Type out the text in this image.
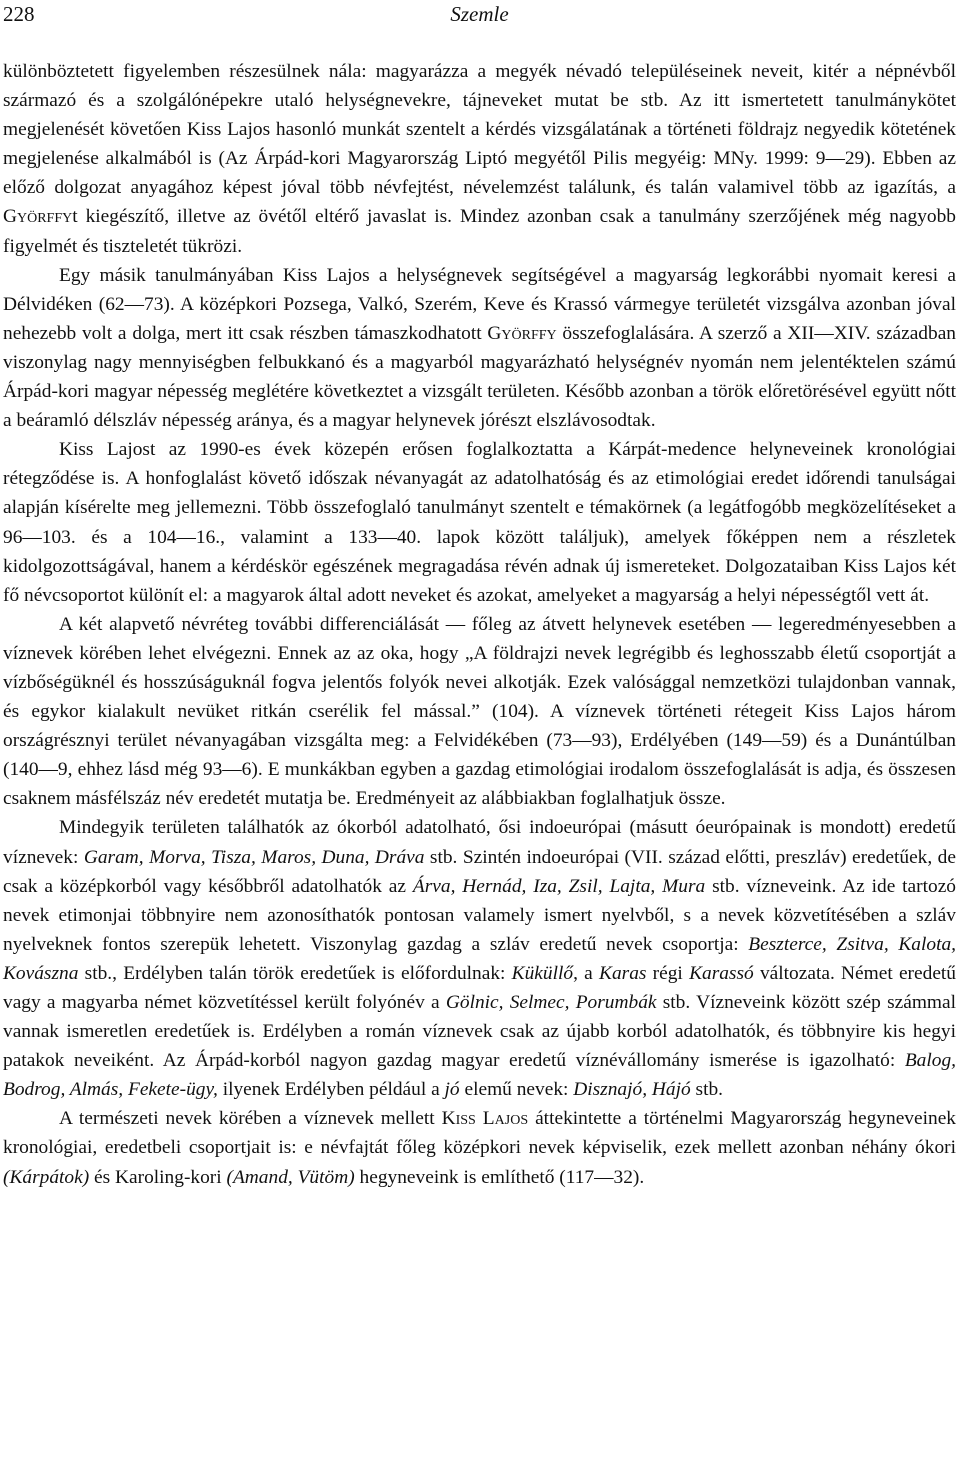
228	Szemle

különböztetett figyelemben részesülnek nála: magyarázza a megyék névadó településeinek neveit, kitér a népnévből származó és a szolgálónépekre utaló helységnevekre, tájneveket mutat be stb. Az itt ismertetett tanulmánykötet megjelenését követően Kiss Lajos hasonló munkát szentelt a kérdés vizsgálatának a történeti földrajz negyedik kötetének megjelenése alkalmából is (Az Árpád-kori Magyarország Liptó megyétől Pilis megyéig: MNy. 1999: 9—29). Ebben az előző dolgozat anyagához képest jóval több névfejtést, névelemzést találunk, és talán valamivel több az igazítás, a Györffyt kiegészítő, illetve az övétől eltérő javaslat is. Mindez azonban csak a tanulmány szerzőjének még nagyobb figyelmét és tiszteletét tükrözi.

Egy másik tanulmányában Kiss Lajos a helységnevek segítségével a magyarság legkorábbi nyomait keresi a Délvidéken (62—73). A középkori Pozsega, Valkó, Szerém, Keve és Krassó vármegye területét vizsgálva azonban jóval nehezebb volt a dolga, mert itt csak részben támaszkodhatott Györffy összefoglalására. A szerző a XII—XIV. században viszonylag nagy mennyiségben felbukkanó és a magyarból magyarázható helységnév nyomán nem jelentéktelen számú Árpád-kori magyar népesség meglétére következtet a vizsgált területen. Később azonban a török előretörésével együtt nőtt a beáramló délszláv népesség aránya, és a magyar helynevek jórészt elszlávosodtak.

Kiss Lajost az 1990-es évek közepén erősen foglalkoztatta a Kárpát-medence helyneveinek kronológiai rétegződése is. A honfoglalást követő időszak névanyagát az adatolhatóság és az etimológiai eredet időrendi tanulságai alapján kísérelte meg jellemezni. Több összefoglaló tanulmányt szentelt e témakörnek (a legátfogóbb megközelítéseket a 96—103. és a 104—16., valamint a 133—40. lapok között találjuk), amelyek főképpen nem a részletek kidolgozottságával, hanem a kérdéskör egészének megragadása révén adnak új ismereteket. Dolgozataiban Kiss Lajos két fő névcsoportot különít el: a magyarok által adott neveket és azokat, amelyeket a magyarság a helyi népességtől vett át.

A két alapvető névréteg további differenciálását — főleg az átvett helynevek esetében — legeredményesebben a víznevek körében lehet elvégezni. Ennek az az oka, hogy „A földrajzi nevek legrégibb és leghosszabb életű csoportját a vízbőségüknél és hosszúságuknál fogva jelentős folyók nevei alkotják. Ezek valósággal nemzetközi tulajdonban vannak, és egykor kialakult nevüket ritkán cserélik fel mással.” (104). A víznevek történeti rétegeit Kiss Lajos három országrésznyi terület névanyagában vizsgálta meg: a Felvidékében (73—93), Erdélyében (149—59) és a Dunántúlban (140—9, ehhez lásd még 93—6). E munkákban egyben a gazdag etimológiai irodalom összefoglalását is adja, és összesen csaknem másfélszáz név eredetét mutatja be. Eredményeit az alábbiakban foglalhatjuk össze.

Mindegyik területen találhatók az ókorból adatolható, ősi indoeurópai (másutt óeurópainak is mondott) eredetű víznevek: Garam, Morva, Tisza, Maros, Duna, Dráva stb. Szintén indoeurópai (VII. század előtti, preszláv) eredetűek, de csak a középkorból vagy későbbről adatolhatók az Árva, Hernád, Iza, Zsil, Lajta, Mura stb. vízneveink. Az ide tartozó nevek etimonjai többnyire nem azonosíthatók pontosan valamely ismert nyelvből, s a nevek közvetítésében a szláv nyelveknek fontos szerepük lehetett. Viszonylag gazdag a szláv eredetű nevek csoportja: Beszterce, Zsitva, Kalota, Kovászna stb., Erdélyben talán török eredetűek is előfordulnak: Küküllő, a Karas régi Karassó változata. Német eredetű vagy a magyarba német közvetítéssel került folyónév a Gölnic, Selmec, Porumbák stb. Vízneveink között szép számmal vannak ismeretlen eredetűek is. Erdélyben a román víznevek csak az újabb korból adatolhatók, és többnyire kis hegyi patakok neveiként. Az Árpád-korból nagyon gazdag magyar eredetű víznévállomány ismerése is igazolható: Balog, Bodrog, Almás, Fekete-ügy, ilyenek Erdélyben például a jó elemű nevek: Disznajó, Hájó stb.

A természeti nevek körében a víznevek mellett Kiss Lajos áttekintette a történelmi Magyarország hegyneveinek kronológiai, eredetbeli csoportjait is: e névfajtát főleg középkori nevek képviselik, ezek mellett azonban néhány ókori (Kárpátok) és Karoling-kori (Amand, Vütöm) hegyneveink is említhető (117—32).
